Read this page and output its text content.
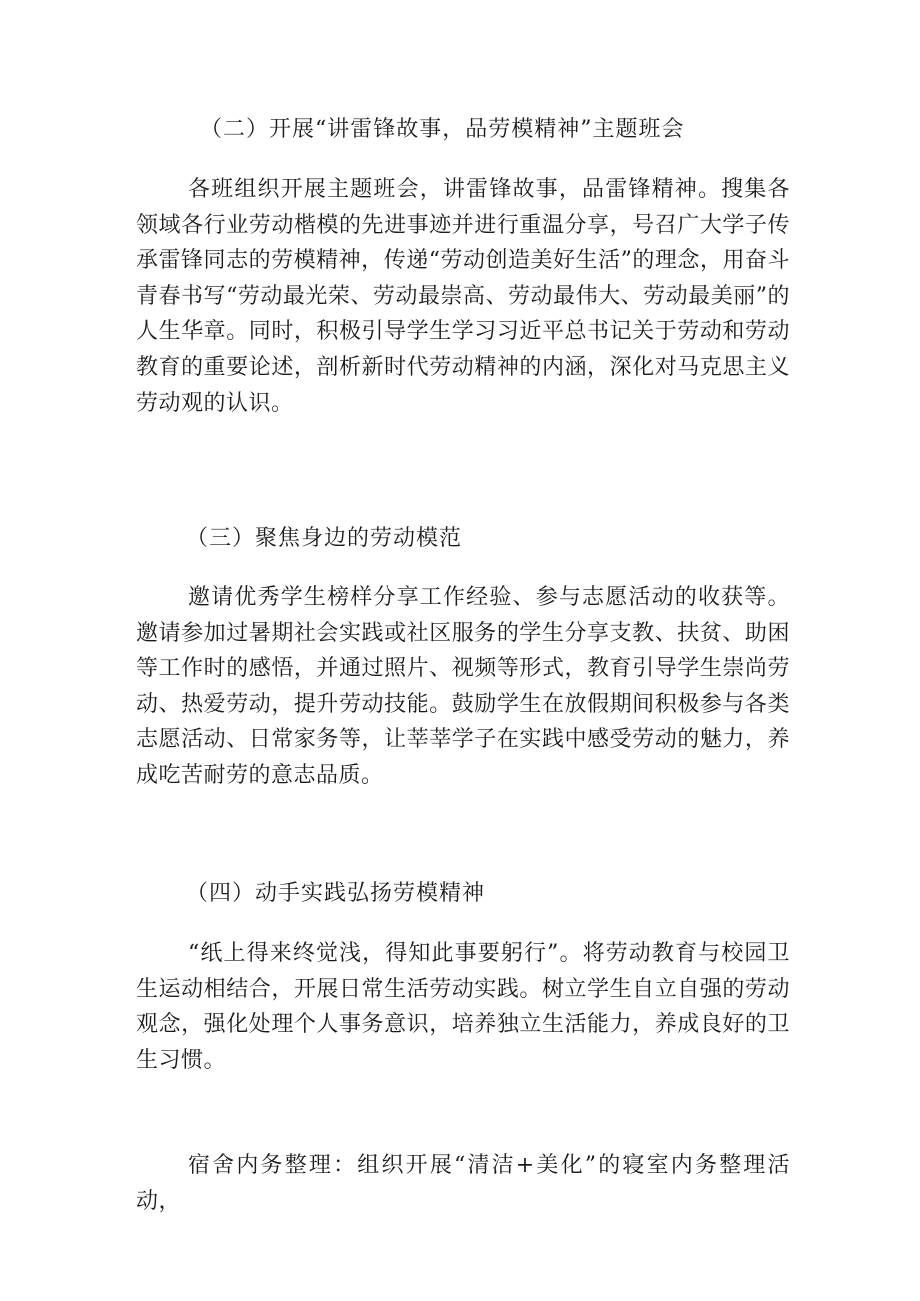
（二）开展“讲雷锋故事，品劳模精神”主题班会

各班组织开展主题班会，讲雷锋故事，品雷锋精神。搜集各领域各行业劳动楷模的先进事迹并进行重温分享，号召广大学子传承雷锋同志的劳模精神，传递“劳动创造美好生活”的理念，用奋斗青春书写“劳动最光荣、劳动最崇高、劳动最伟大、劳动最美丽”的人生华章。同时，积极引导学生学习习近平总书记关于劳动和劳动教育的重要论述，剖析新时代劳动精神的内涵，深化对马克思主义劳动观的认识。

（三）聚焦身边的劳动模范

邀请优秀学生榜样分享工作经验、参与志愿活动的收获等。邀请参加过暑期社会实践或社区服务的学生分享支教、扶贫、助困等工作时的感悟，并通过照片、视频等形式，教育引导学生崇尚劳动、热爱劳动，提升劳动技能。鼓励学生在放假期间积极参与各类志愿活动、日常家务等，让莘莘学子在实践中感受劳动的魅力，养成吃苦耐劳的意志品质。

（四）动手实践弘扬劳模精神

“纸上得来终觉浅，得知此事要躬行”。将劳动教育与校园卫生运动相结合，开展日常生活劳动实践。树立学生自立自强的劳动观念，强化处理个人事务意识，培养独立生活能力，养成良好的卫生习惯。

宿舍内务整理：组织开展“清洁+美化”的寝室内务整理活动，
